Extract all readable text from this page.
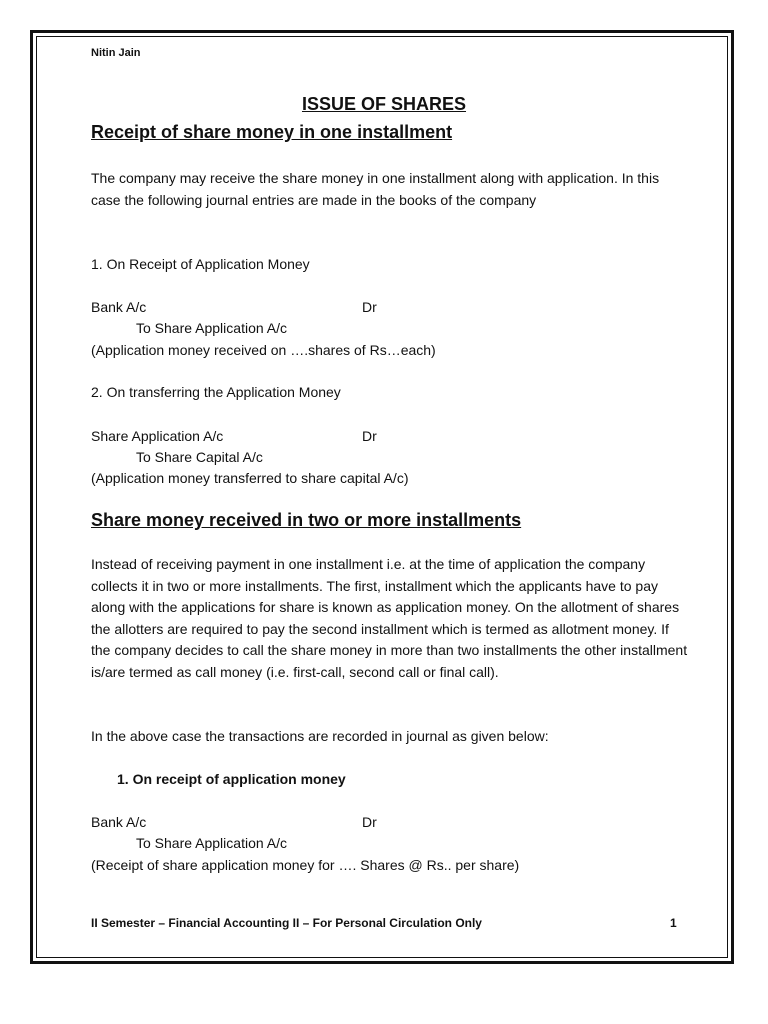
Nitin Jain
ISSUE OF SHARES
Receipt of share money in one installment
The company may receive the share money in one installment along with application. In this case the following journal entries are made in the books of the company
1. On Receipt of Application Money
Bank A/c	Dr
To Share Application A/c
(Application money received on ….shares of Rs…each)
2. On transferring the Application Money
Share Application A/c	Dr
To Share Capital A/c
(Application money transferred to share capital A/c)
Share money received in two or more installments
Instead of receiving payment in one installment i.e. at the time of application the company collects it in two or more installments. The first, installment which the applicants have to pay along with the applications for share is known as application money. On the allotment of shares the allotters are required to pay the second installment which is termed as allotment money. If the company decides to call the share money in more than two installments the other installment is/are termed as call money (i.e. first-call, second call or final call).
In the above case the transactions are recorded in journal as given below:
1. On receipt of application money
Bank A/c	Dr
To Share Application A/c
(Receipt of share application money for …. Shares @ Rs.. per share)
II Semester – Financial Accounting II – For Personal Circulation Only	1
